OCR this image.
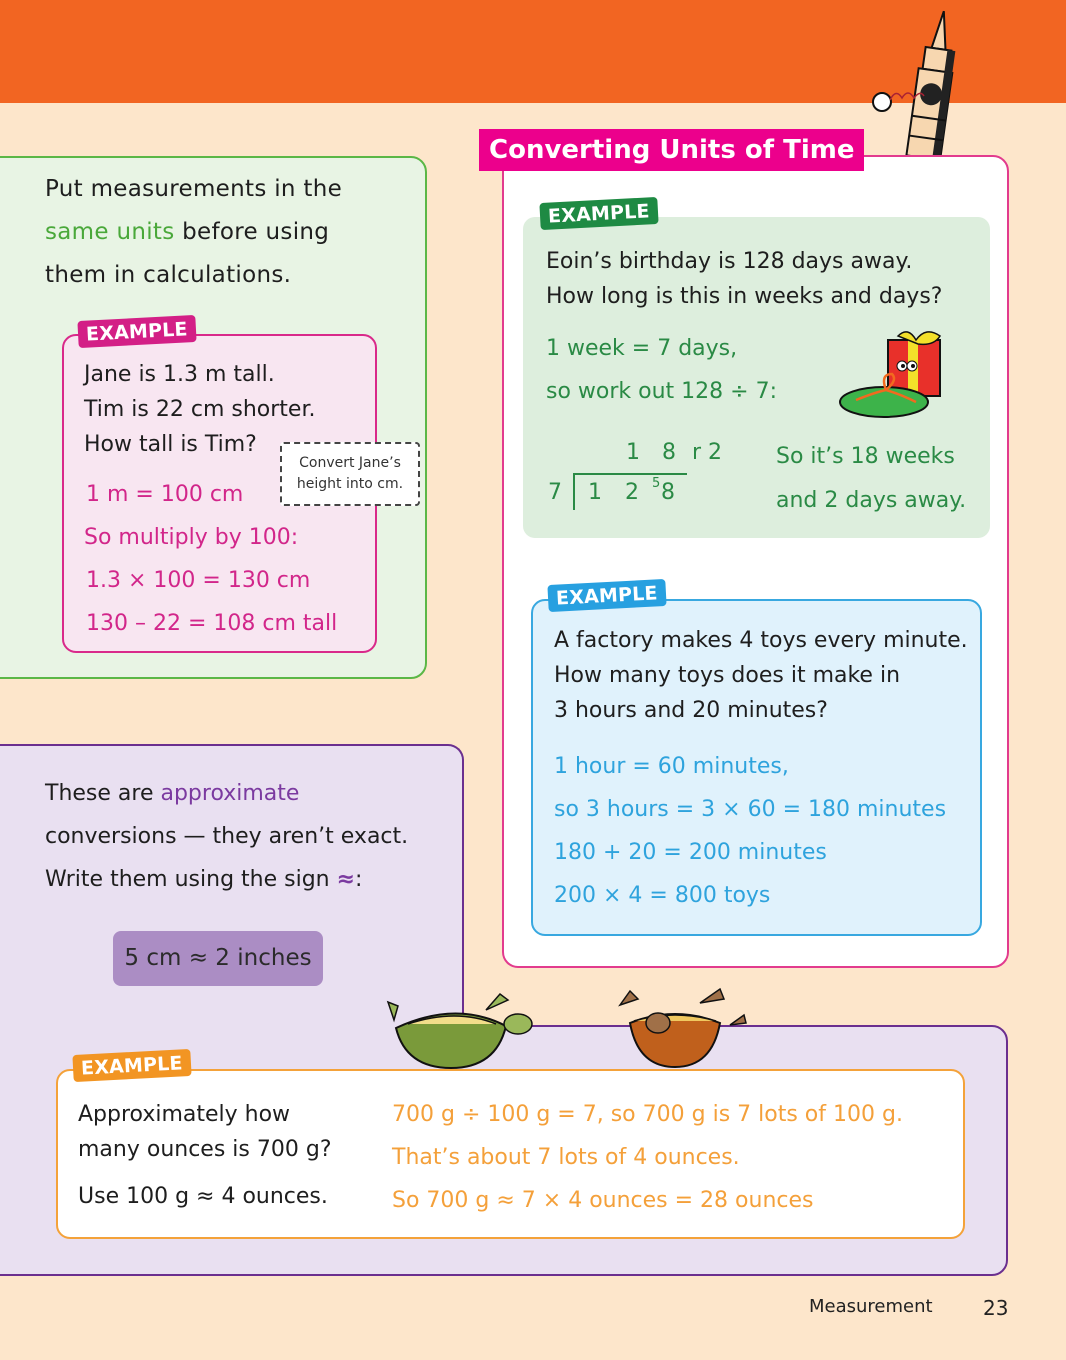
Put measurements in the
same units before using
them in calculations.
EXAMPLE
Jane is 1.3 m tall.
Tim is 22 cm shorter.
How tall is Tim?
1 m = 100 cm
So multiply by 100:
1.3 × 100 = 130 cm
130 – 22 = 108 cm tall
Convert Jane’s
height into cm.
Converting Units of Time
EXAMPLE
Eoin’s birthday is 128 days away.
How long is this in weeks and days?
1 week = 7 days,
so work out 128 ÷ 7:
1 8 r 2
7 1 2 5 8
So it’s 18 weeks
and 2 days away.
EXAMPLE
A factory makes 4 toys every minute.
How many toys does it make in
3 hours and 20 minutes?
1 hour = 60 minutes,
so 3 hours = 3 × 60 = 180 minutes
180 + 20 = 200 minutes
200 × 4 = 800 toys
These are approximate
conversions — they aren’t exact.
Write them using the sign ≈:
5 cm ≈ 2 inches
EXAMPLE
Approximately how
many ounces is 700 g?
Use 100 g ≈ 4 ounces.
700 g ÷ 100 g = 7, so 700 g is 7 lots of 100 g.
That’s about 7 lots of 4 ounces.
So 700 g ≈ 7 × 4 ounces = 28 ounces
Measurement	23
